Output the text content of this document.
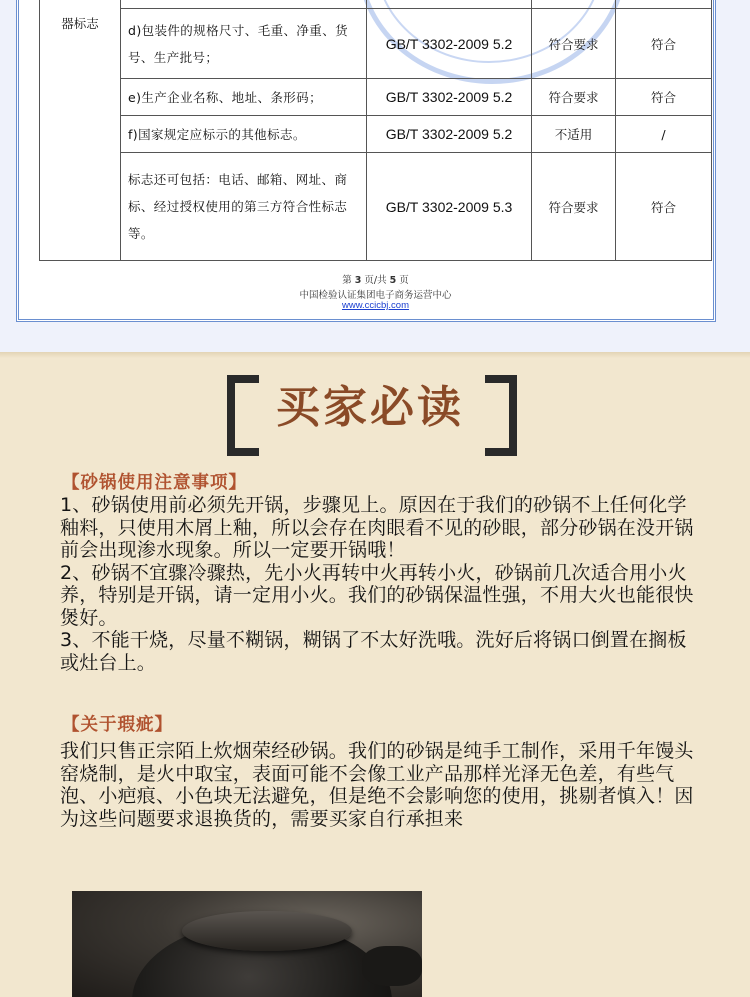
器标志				
	d)包装件的规格尺寸、毛重、净重、货号、生产批号；	GB/T 3302-2009 5.2	符合要求	符合
	e)生产企业名称、地址、条形码；	GB/T 3302-2009 5.2	符合要求	符合
	f)国家规定应标示的其他标志。	GB/T 3302-2009 5.2	不适用	/
	标志还可包括：电话、邮箱、网址、商标、经过授权使用的第三方符合性标志等。	GB/T 3302-2009 5.3	符合要求	符合
第 3 页/共 5 页
中国检验认证集团电子商务运营中心
www.ccicbj.com
买家必读
【砂锅使用注意事项】

1、砂锅使用前必须先开锅，步骤见上。原因在于我们的砂锅不上任何化学釉料，只使用木屑上釉，所以会存在肉眼看不见的砂眼，部分砂锅在没开锅前会出现渗水现象。所以一定要开锅哦！

2、砂锅不宜骤冷骤热，先小火再转中火再转小火，砂锅前几次适合用小火养，特别是开锅，请一定用小火。我们的砂锅保温性强，不用大火也能很快煲好。

3、不能干烧，尽量不糊锅，糊锅了不太好洗哦。洗好后将锅口倒置在搁板或灶台上。

【关于瑕疵】
我们只售正宗陌上炊烟荣经砂锅。我们的砂锅是纯手工制作，采用千年馒头窑烧制，是火中取宝，表面可能不会像工业产品那样光泽无色差，有些气泡、小疤痕、小色块无法避免，但是绝不会影响您的使用，挑剔者慎入！因为这些问题要求退换货的，需要买家自行承担来
